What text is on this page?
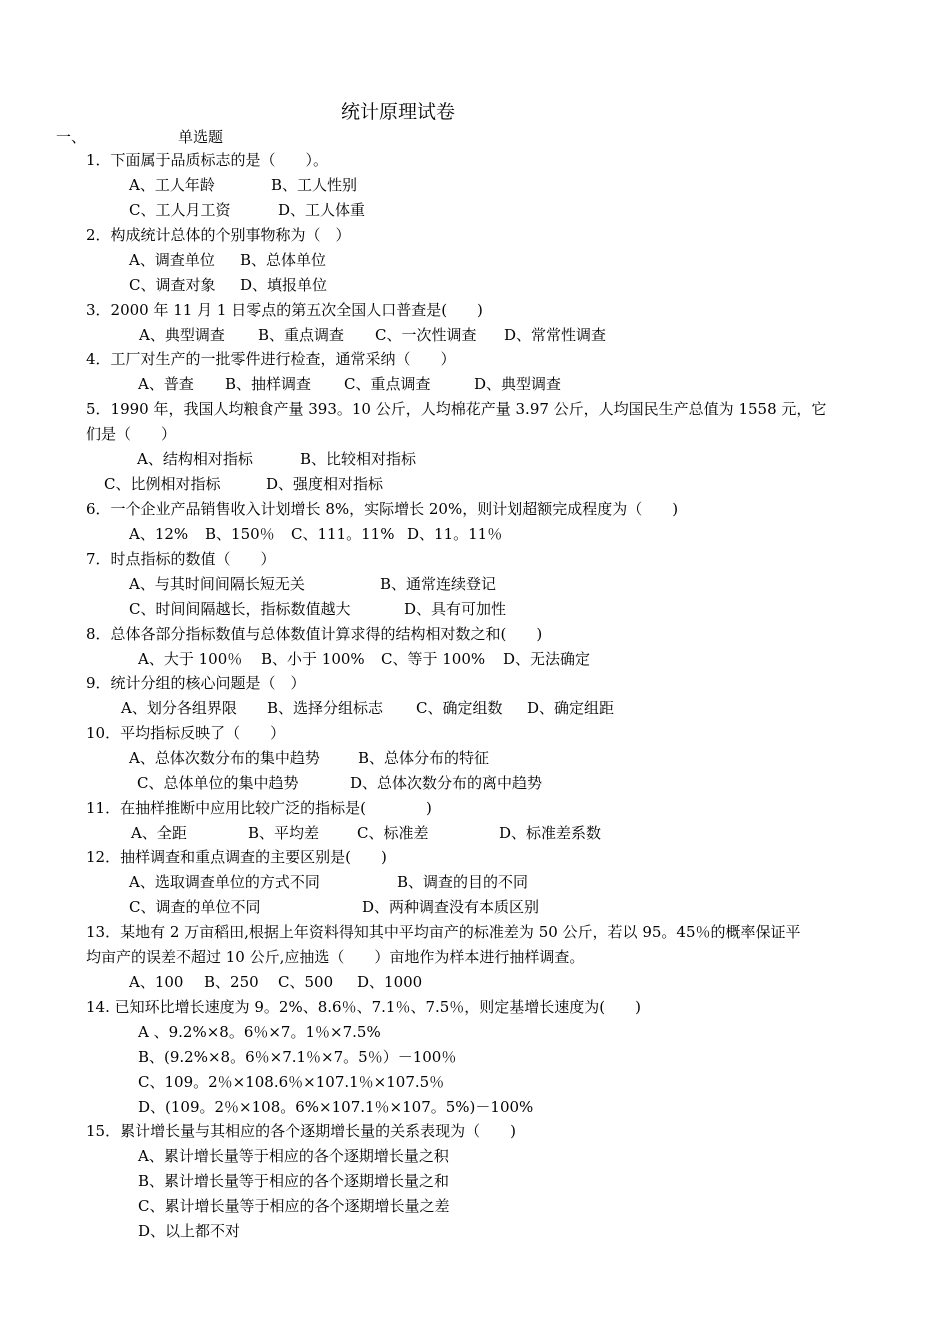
统计原理试卷
一、	单选题
1．下面属于品质标志的是（　　）。
A、工人年龄	B、工人性别
C、工人月工资	D、工人体重
2．构成统计总体的个别事物称为（　）
A、调查单位 B、总体单位
C、调查对象 D、填报单位
3．2000 年 11 月 1 日零点的第五次全国人口普查是(　　)
A、典型调查 B、重点调查 C、一次性调查 D、常常性调查
4．工厂对生产的一批零件进行检查，通常采纳（　　）
A、普查 B、抽样调查 C、重点调查	D、典型调查
5．1990 年，我国人均粮食产量 393。10 公斤，人均棉花产量 3.97 公斤，人均国民生产总值为 1558 元，它
们是（　　）
A、结构相对指标	B、比较相对指标
C、比例相对指标	D、强度相对指标
6．一个企业产品销售收入计划增长 8%，实际增长 20%，则计划超额完成程度为（　　)
A、12% B、150％ C、111。11% D、11。11％
7．时点指标的数值（　　）
A、与其时间间隔长短无关	B、通常连续登记
C、时间间隔越长，指标数值越大	D、具有可加性
8．总体各部分指标数值与总体数值计算求得的结构相对数之和(　　)
A、大于 100％ B、小于 100% C、等于 100% D、无法确定
9．统计分组的核心问题是（　）
A、划分各组界限 B、选择分组标志 C、确定组数 D、确定组距
10．平均指标反映了（　　）
A、总体次数分布的集中趋势	B、总体分布的特征
C、总体单位的集中趋势	D、总体次数分布的离中趋势
11．在抽样推断中应用比较广泛的指标是(　　　　)
A、全距	B、平均差	C、标准差	D、标准差系数
12．抽样调查和重点调查的主要区别是(　　)
A、选取调查单位的方式不同	B、调查的目的不同
C、调查的单位不同	D、两种调查没有本质区别
13．某地有 2 万亩稻田,根据上年资料得知其中平均亩产的标准差为 50 公斤，若以 95。45％的概率保证平
均亩产的误差不超过 10 公斤,应抽选（　　）亩地作为样本进行抽样调查。
A、100 B、250 C、500 D、1000
14. 已知环比增长速度为 9。2%、8.6％、7.1％、7.5％，则定基增长速度为(　　)
A 、9.2%×8。6％×7。1％×7.5%
B、(9.2%×8。6％×7.1％×7。5％）－100％
C、109。2％×108.6％×107.1％×107.5％
D、(109。2％×108。6%×107.1％×107。5%)－100%
15．累计增长量与其相应的各个逐期增长量的关系表现为（　　)
A、累计增长量等于相应的各个逐期增长量之积
B、累计增长量等于相应的各个逐期增长量之和
C、累计增长量等于相应的各个逐期增长量之差
D、以上都不对
